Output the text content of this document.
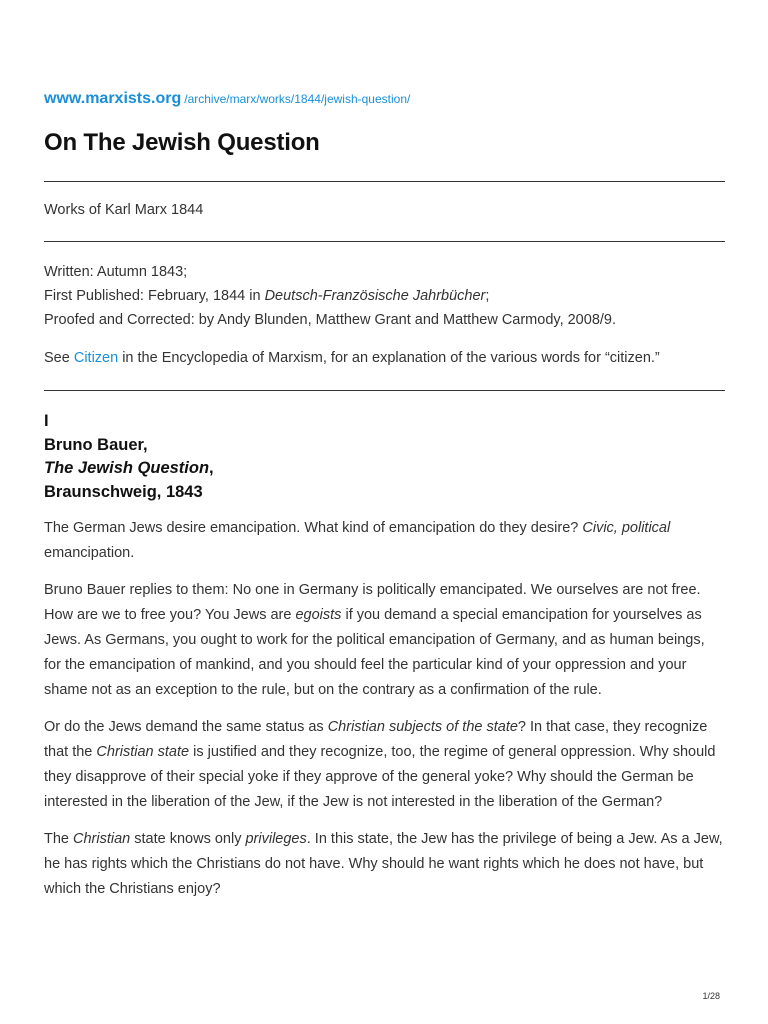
www.marxists.org /archive/marx/works/1844/jewish-question/
On The Jewish Question
Works of Karl Marx 1844

Written: Autumn 1843;

First Published: February, 1844 in Deutsch-Französische Jahrbücher;

Proofed and Corrected: by Andy Blunden, Matthew Grant and Matthew Carmody, 2008/9.

See Citizen in the Encyclopedia of Marxism, for an explanation of the various words for “citizen.”
I
Bruno Bauer,
The Jewish Question,
Braunschweig, 1843

The German Jews desire emancipation. What kind of emancipation do they desire? Civic, political emancipation.

Bruno Bauer replies to them: No one in Germany is politically emancipated. We ourselves are not free. How are we to free you? You Jews are egoists if you demand a special emancipation for yourselves as Jews. As Germans, you ought to work for the political emancipation of Germany, and as human beings, for the emancipation of mankind, and you should feel the particular kind of your oppression and your shame not as an exception to the rule, but on the contrary as a confirmation of the rule.

Or do the Jews demand the same status as Christian subjects of the state? In that case, they recognize that the Christian state is justified and they recognize, too, the regime of general oppression. Why should they disapprove of their special yoke if they approve of the general yoke? Why should the German be interested in the liberation of the Jew, if the Jew is not interested in the liberation of the German?

The Christian state knows only privileges. In this state, the Jew has the privilege of being a Jew. As a Jew, he has rights which the Christians do not have. Why should he want rights which he does not have, but which the Christians enjoy?

1/28
